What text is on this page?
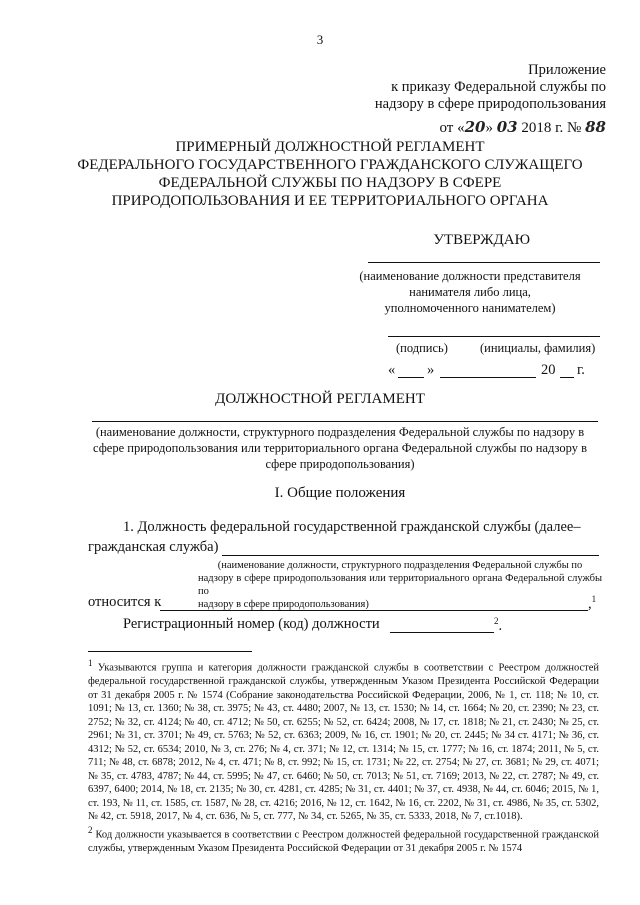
3
Приложение
к приказу Федеральной службы по
надзору в сфере природопользования
от «20» 03 2018 г. № 88
ПРИМЕРНЫЙ ДОЛЖНОСТНОЙ РЕГЛАМЕНТ
ФЕДЕРАЛЬНОГО ГОСУДАРСТВЕННОГО ГРАЖДАНСКОГО СЛУЖАЩЕГО
ФЕДЕРАЛЬНОЙ СЛУЖБЫ ПО НАДЗОРУ В СФЕРЕ
ПРИРОДОПОЛЬЗОВАНИЯ И ЕЕ ТЕРРИТОРИАЛЬНОГО ОРГАНА
УТВЕРЖДАЮ
(наименование должности представителя
нанимателя либо лица,
уполномоченного нанимателем)
(подпись)	(инициалы, фамилия)
« »	20 г.
ДОЛЖНОСТНОЙ РЕГЛАМЕНТ
(наименование должности, структурного подразделения Федеральной службы по надзору в
сфере природопользования или территориального органа Федеральной службы по надзору в
сфере природопользования)
I. Общие положения
1. Должность федеральной государственной гражданской службы (далее–
гражданская служба)
(наименование должности, структурного подразделения Федеральной службы по
надзору в сфере природопользования или территориального органа Федеральной службы по
надзору в сфере природопользования)
относится к	,$^1$
Регистрационный номер (код) должности	$^2$.
$^1$ Указываются группа и категория должности гражданской службы в соответствии с Реестром должностей федеральной государственной гражданской службы, утвержденным Указом Президента Российской Федерации от 31 декабря 2005 г. № 1574 (Собрание законодательства Российской Федерации, 2006, № 1, ст. 118; № 10, ст. 1091; № 13, ст. 1360; № 38, ст. 3975; № 43, ст. 4480; 2007, № 13, ст. 1530; № 14, ст. 1664; № 20, ст. 2390; № 23, ст. 2752; № 32, ст. 4124; № 40, ст. 4712; № 50, ст. 6255; № 52, ст. 6424; 2008, № 17, ст. 1818; № 21, ст. 2430; № 25, ст. 2961; № 31, ст. 3701; № 49, ст. 5763; № 52, ст. 6363; 2009, № 16, ст. 1901; № 20, ст. 2445; № 34 ст. 4171; № 36, ст. 4312; № 52, ст. 6534; 2010, № 3, ст. 276; № 4, ст. 371; № 12, ст. 1314; № 15, ст. 1777; № 16, ст. 1874; 2011, № 5, ст. 711; № 48, ст. 6878; 2012, № 4, ст. 471; № 8, ст. 992; № 15, ст. 1731; № 22, ст. 2754; № 27, ст. 3681; № 29, ст. 4071; № 35, ст. 4783, 4787; № 44, ст. 5995; № 47, ст. 6460; № 50, ст. 7013; № 51, ст. 7169; 2013, № 22, ст. 2787; № 49, ст. 6397, 6400; 2014, № 18, ст. 2135; № 30, ст. 4281, ст. 4285; № 31, ст. 4401; № 37, ст. 4938, № 44, ст. 6046; 2015, № 1, ст. 193, № 11, ст. 1585, ст. 1587, № 28, ст. 4216; 2016, № 12, ст. 1642, № 16, ст. 2202, № 31, ст. 4986, № 35, ст. 5302, № 42, ст. 5918, 2017, № 4, ст. 636, № 5, ст. 777, № 34, ст. 5265, № 35, ст. 5333, 2018, № 7, ст.1018).
$^2$ Код должности указывается в соответствии с Реестром должностей федеральной государственной гражданской службы, утвержденным Указом Президента Российской Федерации от 31 декабря 2005 г. № 1574
